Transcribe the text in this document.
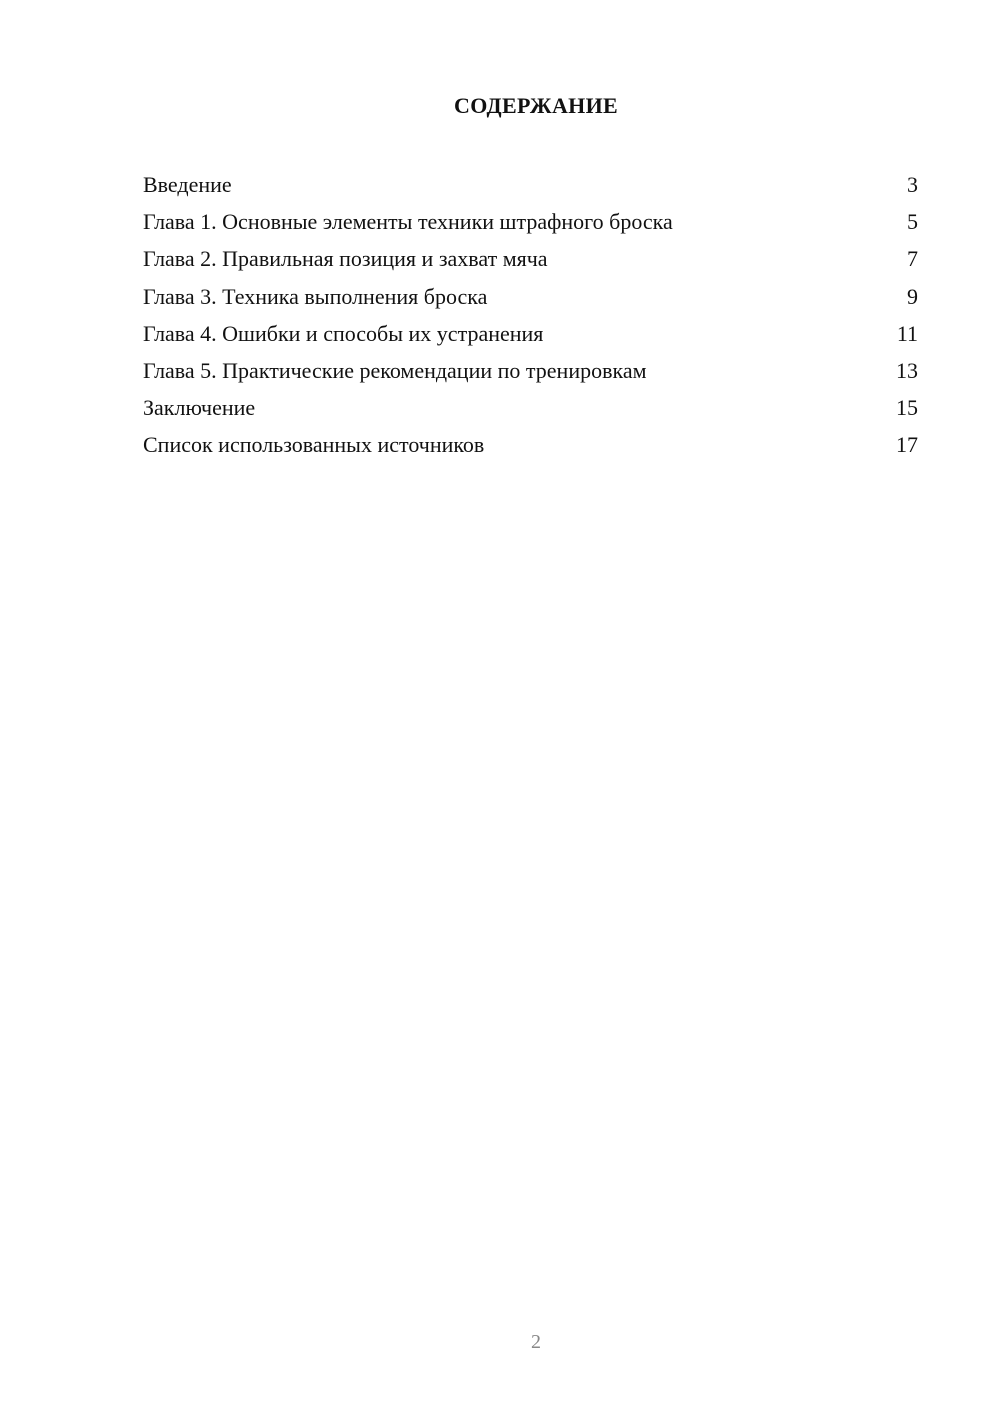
СОДЕРЖАНИЕ
Введение	3
Глава 1. Основные элементы техники штрафного броска	5
Глава 2. Правильная позиция и захват мяча	7
Глава 3. Техника выполнения броска	9
Глава 4. Ошибки и способы их устранения	11
Глава 5. Практические рекомендации по тренировкам	13
Заключение	15
Список использованных источников	17
2
